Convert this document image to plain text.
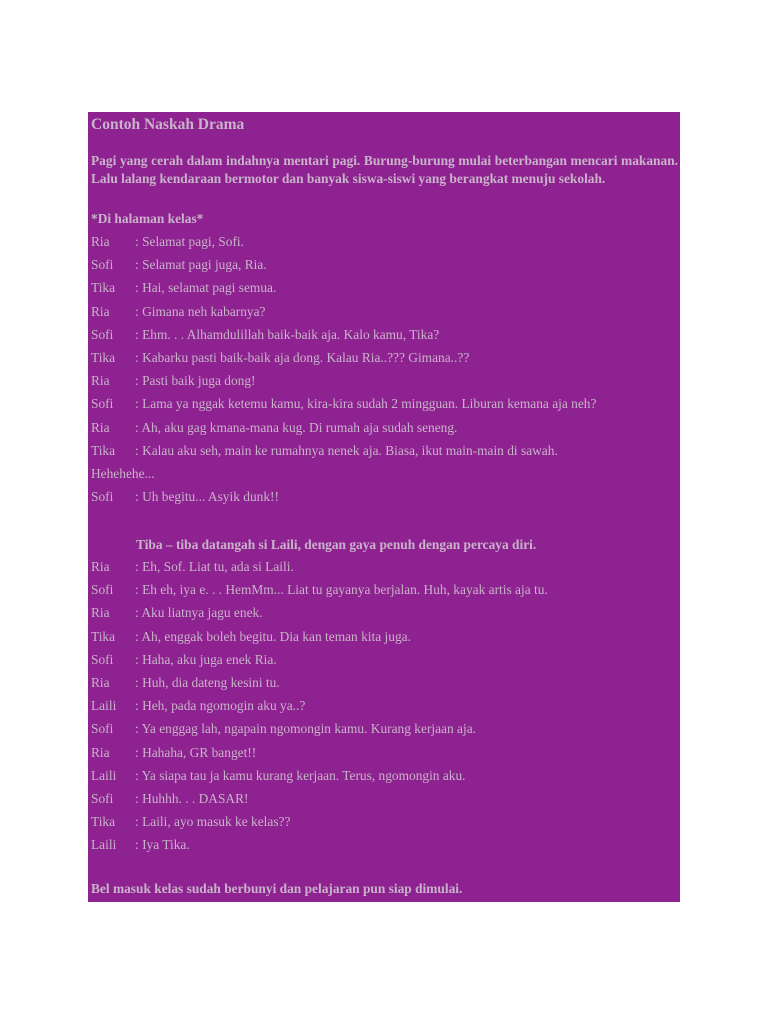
Contoh Naskah Drama
Pagi yang cerah dalam indahnya mentari pagi. Burung-burung mulai beterbangan mencari makanan. Lalu lalang kendaraan bermotor dan banyak siswa-siswi yang berangkat menuju sekolah.
*Di halaman kelas*
Ria	: Selamat pagi, Sofi.
Sofi	: Selamat pagi juga, Ria.
Tika	: Hai, selamat pagi semua.
Ria	: Gimana neh kabarnya?
Sofi	: Ehm. . . Alhamdulillah baik-baik aja. Kalo kamu, Tika?
Tika	: Kabarku pasti baik-baik aja dong. Kalau Ria..??? Gimana..??
Ria	: Pasti baik juga dong!
Sofi	: Lama ya nggak ketemu kamu, kira-kira sudah 2 mingguan. Liburan kemana aja neh?
Ria	: Ah, aku gag kmana-mana kug. Di rumah aja sudah seneng.
Tika	: Kalau aku seh, main ke rumahnya nenek aja. Biasa, ikut main-main di sawah.
Hehehehe...
Sofi	: Uh begitu... Asyik dunk!!
Tiba – tiba datangah si Laili, dengan gaya penuh dengan percaya diri.
Ria	: Eh, Sof. Liat tu, ada si Laili.
Sofi	: Eh eh, iya e. . . HemMm... Liat tu gayanya berjalan. Huh, kayak artis aja tu.
Ria	: Aku liatnya jagu enek.
Tika	: Ah, enggak boleh begitu. Dia kan teman kita juga.
Sofi	: Haha, aku juga enek Ria.
Ria	: Huh, dia dateng kesini tu.
Laili	: Heh, pada ngomogin aku ya..?
Sofi	: Ya enggag lah, ngapain ngomongin kamu. Kurang kerjaan aja.
Ria	: Hahaha, GR banget!!
Laili	: Ya siapa tau ja kamu kurang kerjaan. Terus, ngomongin aku.
Sofi	: Huhhh. . . DASAR!
Tika	: Laili, ayo masuk ke kelas??
Laili	: Iya Tika.
Bel masuk kelas sudah berbunyi dan pelajaran pun siap dimulai.
